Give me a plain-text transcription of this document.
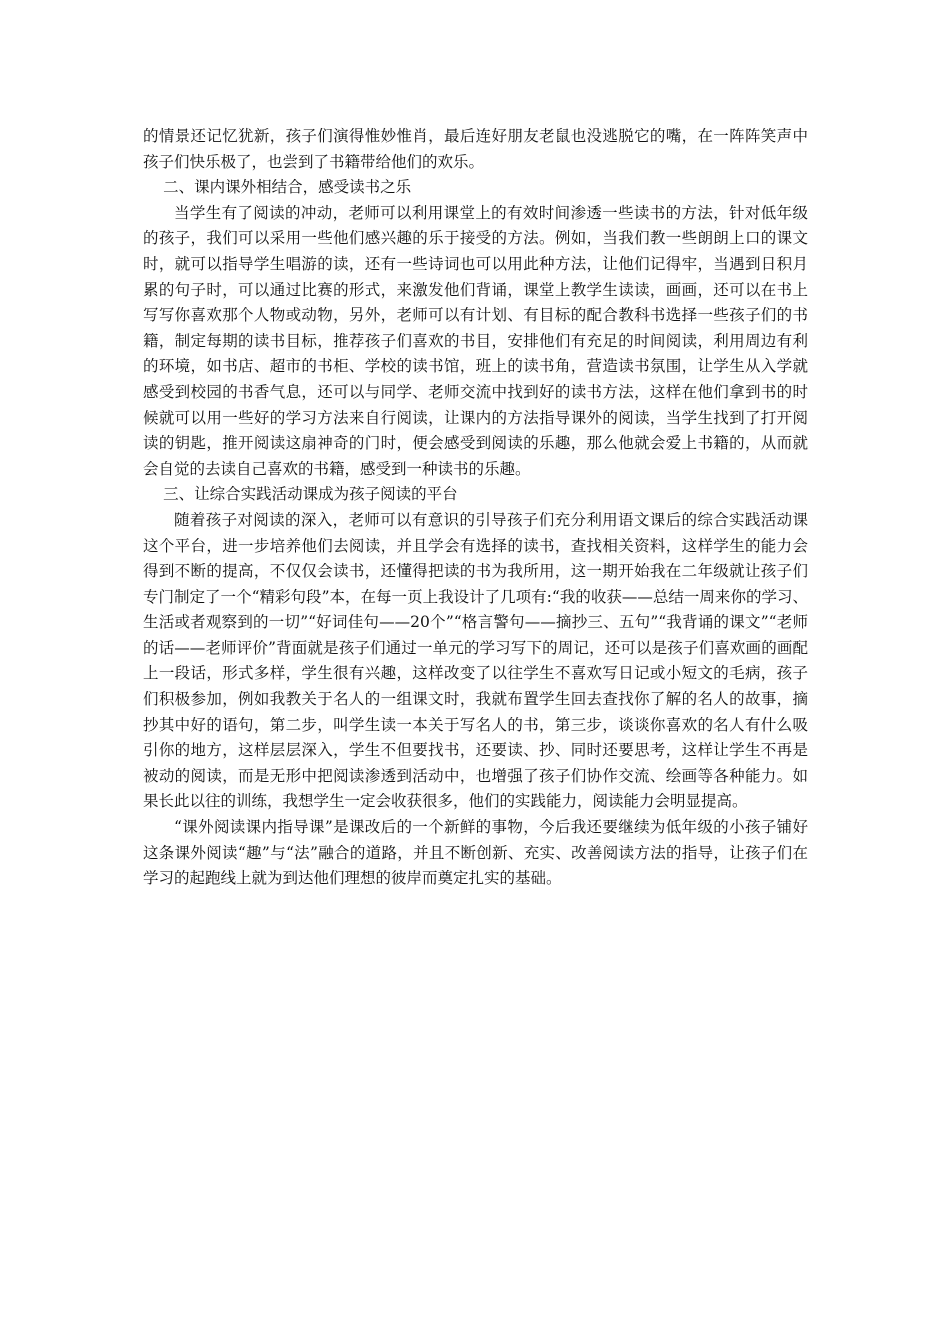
的情景还记忆犹新，孩子们演得惟妙惟肖，最后连好朋友老鼠也没逃脱它的嘴，在一阵阵笑声中孩子们快乐极了，也尝到了书籍带给他们的欢乐。

二、课内课外相结合，感受读书之乐

当学生有了阅读的冲动，老师可以利用课堂上的有效时间渗透一些读书的方法，针对低年级的孩子，我们可以采用一些他们感兴趣的乐于接受的方法。例如，当我们教一些朗朗上口的课文时，就可以指导学生唱游的读，还有一些诗词也可以用此种方法，让他们记得牢，当遇到日积月累的句子时，可以通过比赛的形式，来激发他们背诵，课堂上教学生读读，画画，还可以在书上写写你喜欢那个人物或动物，另外，老师可以有计划、有目标的配合教科书选择一些孩子们的书籍，制定每期的读书目标，推荐孩子们喜欢的书目，安排他们有充足的时间阅读，利用周边有利的环境，如书店、超市的书柜、学校的读书馆，班上的读书角，营造读书氛围，让学生从入学就感受到校园的书香气息，还可以与同学、老师交流中找到好的读书方法，这样在他们拿到书的时候就可以用一些好的学习方法来自行阅读，让课内的方法指导课外的阅读，当学生找到了打开阅读的钥匙，推开阅读这扇神奇的门时，便会感受到阅读的乐趣，那么他就会爱上书籍的，从而就会自觉的去读自己喜欢的书籍，感受到一种读书的乐趣。

三、让综合实践活动课成为孩子阅读的平台

随着孩子对阅读的深入，老师可以有意识的引导孩子们充分利用语文课后的综合实践活动课这个平台，进一步培养他们去阅读，并且学会有选择的读书，查找相关资料，这样学生的能力会得到不断的提高，不仅仅会读书，还懂得把读的书为我所用，这一期开始我在二年级就让孩子们专门制定了一个“精彩句段”本，在每一页上我设计了几项有:“我的收获——总结一周来你的学习、生活或者观察到的一切”“好词佳句——20个”“格言警句——摘抄三、五句”“我背诵的课文”“老师的话——老师评价”背面就是孩子们通过一单元的学习写下的周记，还可以是孩子们喜欢画的画配上一段话，形式多样，学生很有兴趣，这样改变了以往学生不喜欢写日记或小短文的毛病，孩子们积极参加，例如我教关于名人的一组课文时，我就布置学生回去查找你了解的名人的故事，摘抄其中好的语句，第二步，叫学生读一本关于写名人的书，第三步，谈谈你喜欢的名人有什么吸引你的地方，这样层层深入，学生不但要找书，还要读、抄、同时还要思考，这样让学生不再是被动的阅读，而是无形中把阅读渗透到活动中，也增强了孩子们协作交流、绘画等各种能力。如果长此以往的训练，我想学生一定会收获很多，他们的实践能力，阅读能力会明显提高。

“课外阅读课内指导课”是课改后的一个新鲜的事物，今后我还要继续为低年级的小孩子铺好这条课外阅读“趣”与“法”融合的道路，并且不断创新、充实、改善阅读方法的指导，让孩子们在学习的起跑线上就为到达他们理想的彼岸而奠定扎实的基础。
